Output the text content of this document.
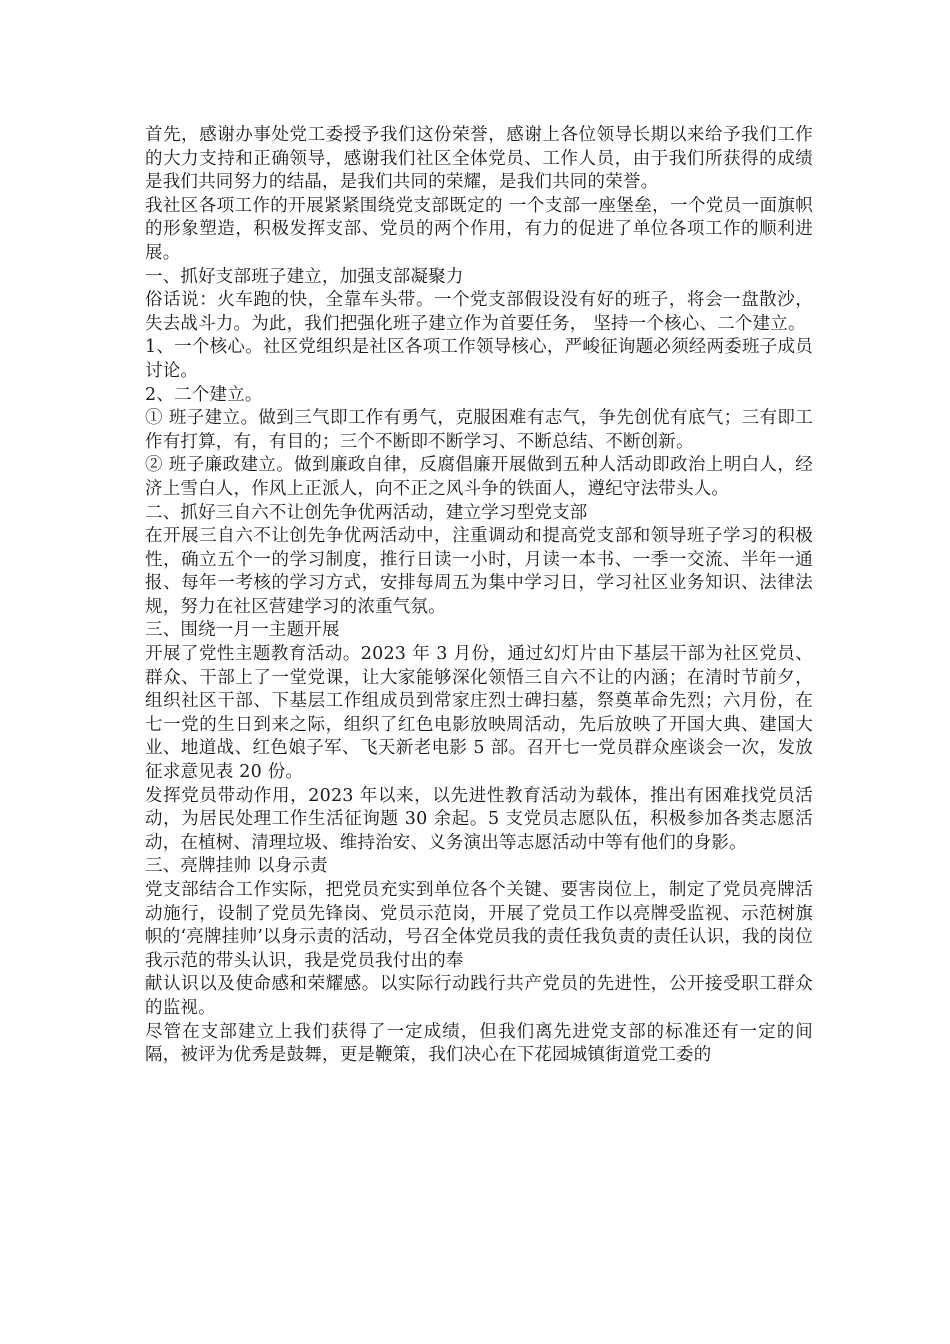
首先，感谢办事处党工委授予我们这份荣誉，感谢上各位领导长期以来给予我们工作的大力支持和正确领导，感谢我们社区全体党员、工作人员，由于我们所获得的成绩是我们共同努力的结晶，是我们共同的荣耀，是我们共同的荣誉。

我社区各项工作的开展紧紧围绕党支部既定的 一个支部一座堡垒，一个党员一面旗帜的形象塑造，积极发挥支部、党员的两个作用，有力的促进了单位各项工作的顺利进展。

一、抓好支部班子建立，加强支部凝聚力

俗话说：火车跑的快，全靠车头带。一个党支部假设没有好的班子，将会一盘散沙，失去战斗力。为此，我们把强化班子建立作为首要任务， 坚持一个核心、二个建立。

1、一个核心。社区党组织是社区各项工作领导核心，严峻征询题必须经两委班子成员讨论。

2、二个建立。

① 班子建立。做到三气即工作有勇气，克服困难有志气，争先创优有底气；三有即工作有打算，有，有目的；三个不断即不断学习、不断总结、不断创新。

② 班子廉政建立。做到廉政自律，反腐倡廉开展做到五种人活动即政治上明白人，经济上雪白人，作风上正派人，向不正之风斗争的铁面人，遵纪守法带头人。

二、抓好三自六不让创先争优两活动，建立学习型党支部

在开展三自六不让创先争优两活动中，注重调动和提高党支部和领导班子学习的积极性，确立五个一的学习制度，推行日读一小时，月读一本书、一季一交流、半年一通报、每年一考核的学习方式，安排每周五为集中学习日，学习社区业务知识、法律法规，努力在社区营建学习的浓重气氛。

三、围绕一月一主题开展

开展了党性主题教育活动。2023 年 3 月份，通过幻灯片由下基层干部为社区党员、群众、干部上了一堂党课，让大家能够深化领悟三自六不让的内涵；在清时节前夕，组织社区干部、下基层工作组成员到常家庄烈士碑扫墓，祭奠革命先烈；六月份，在七一党的生日到来之际，组织了红色电影放映周活动，先后放映了开国大典、建国大业、地道战、红色娘子军、飞天新老电影 5 部。召开七一党员群众座谈会一次，发放征求意见表 20 份。

发挥党员带动作用，2023 年以来，以先进性教育活动为载体，推出有困难找党员活动，为居民处理工作生活征询题 30 余起。5 支党员志愿队伍，积极参加各类志愿活动，在植树、清理垃圾、维持治安、义务演出等志愿活动中等有他们的身影。

三、亮牌挂帅 以身示责

党支部结合工作实际，把党员充实到单位各个关键、要害岗位上，制定了党员亮牌活动施行，设制了党员先锋岗、党员示范岗，开展了党员工作以亮牌受监视、示范树旗帜的‘亮牌挂帅’以身示责的活动，号召全体党员我的责任我负责的责任认识，我的岗位我示范的带头认识，我是党员我付出的奉

献认识以及使命感和荣耀感。以实际行动践行共产党员的先进性，公开接受职工群众的监视。

尽管在支部建立上我们获得了一定成绩，但我们离先进党支部的标准还有一定的间隔，被评为优秀是鼓舞，更是鞭策，我们决心在下花园城镇街道党工委的
